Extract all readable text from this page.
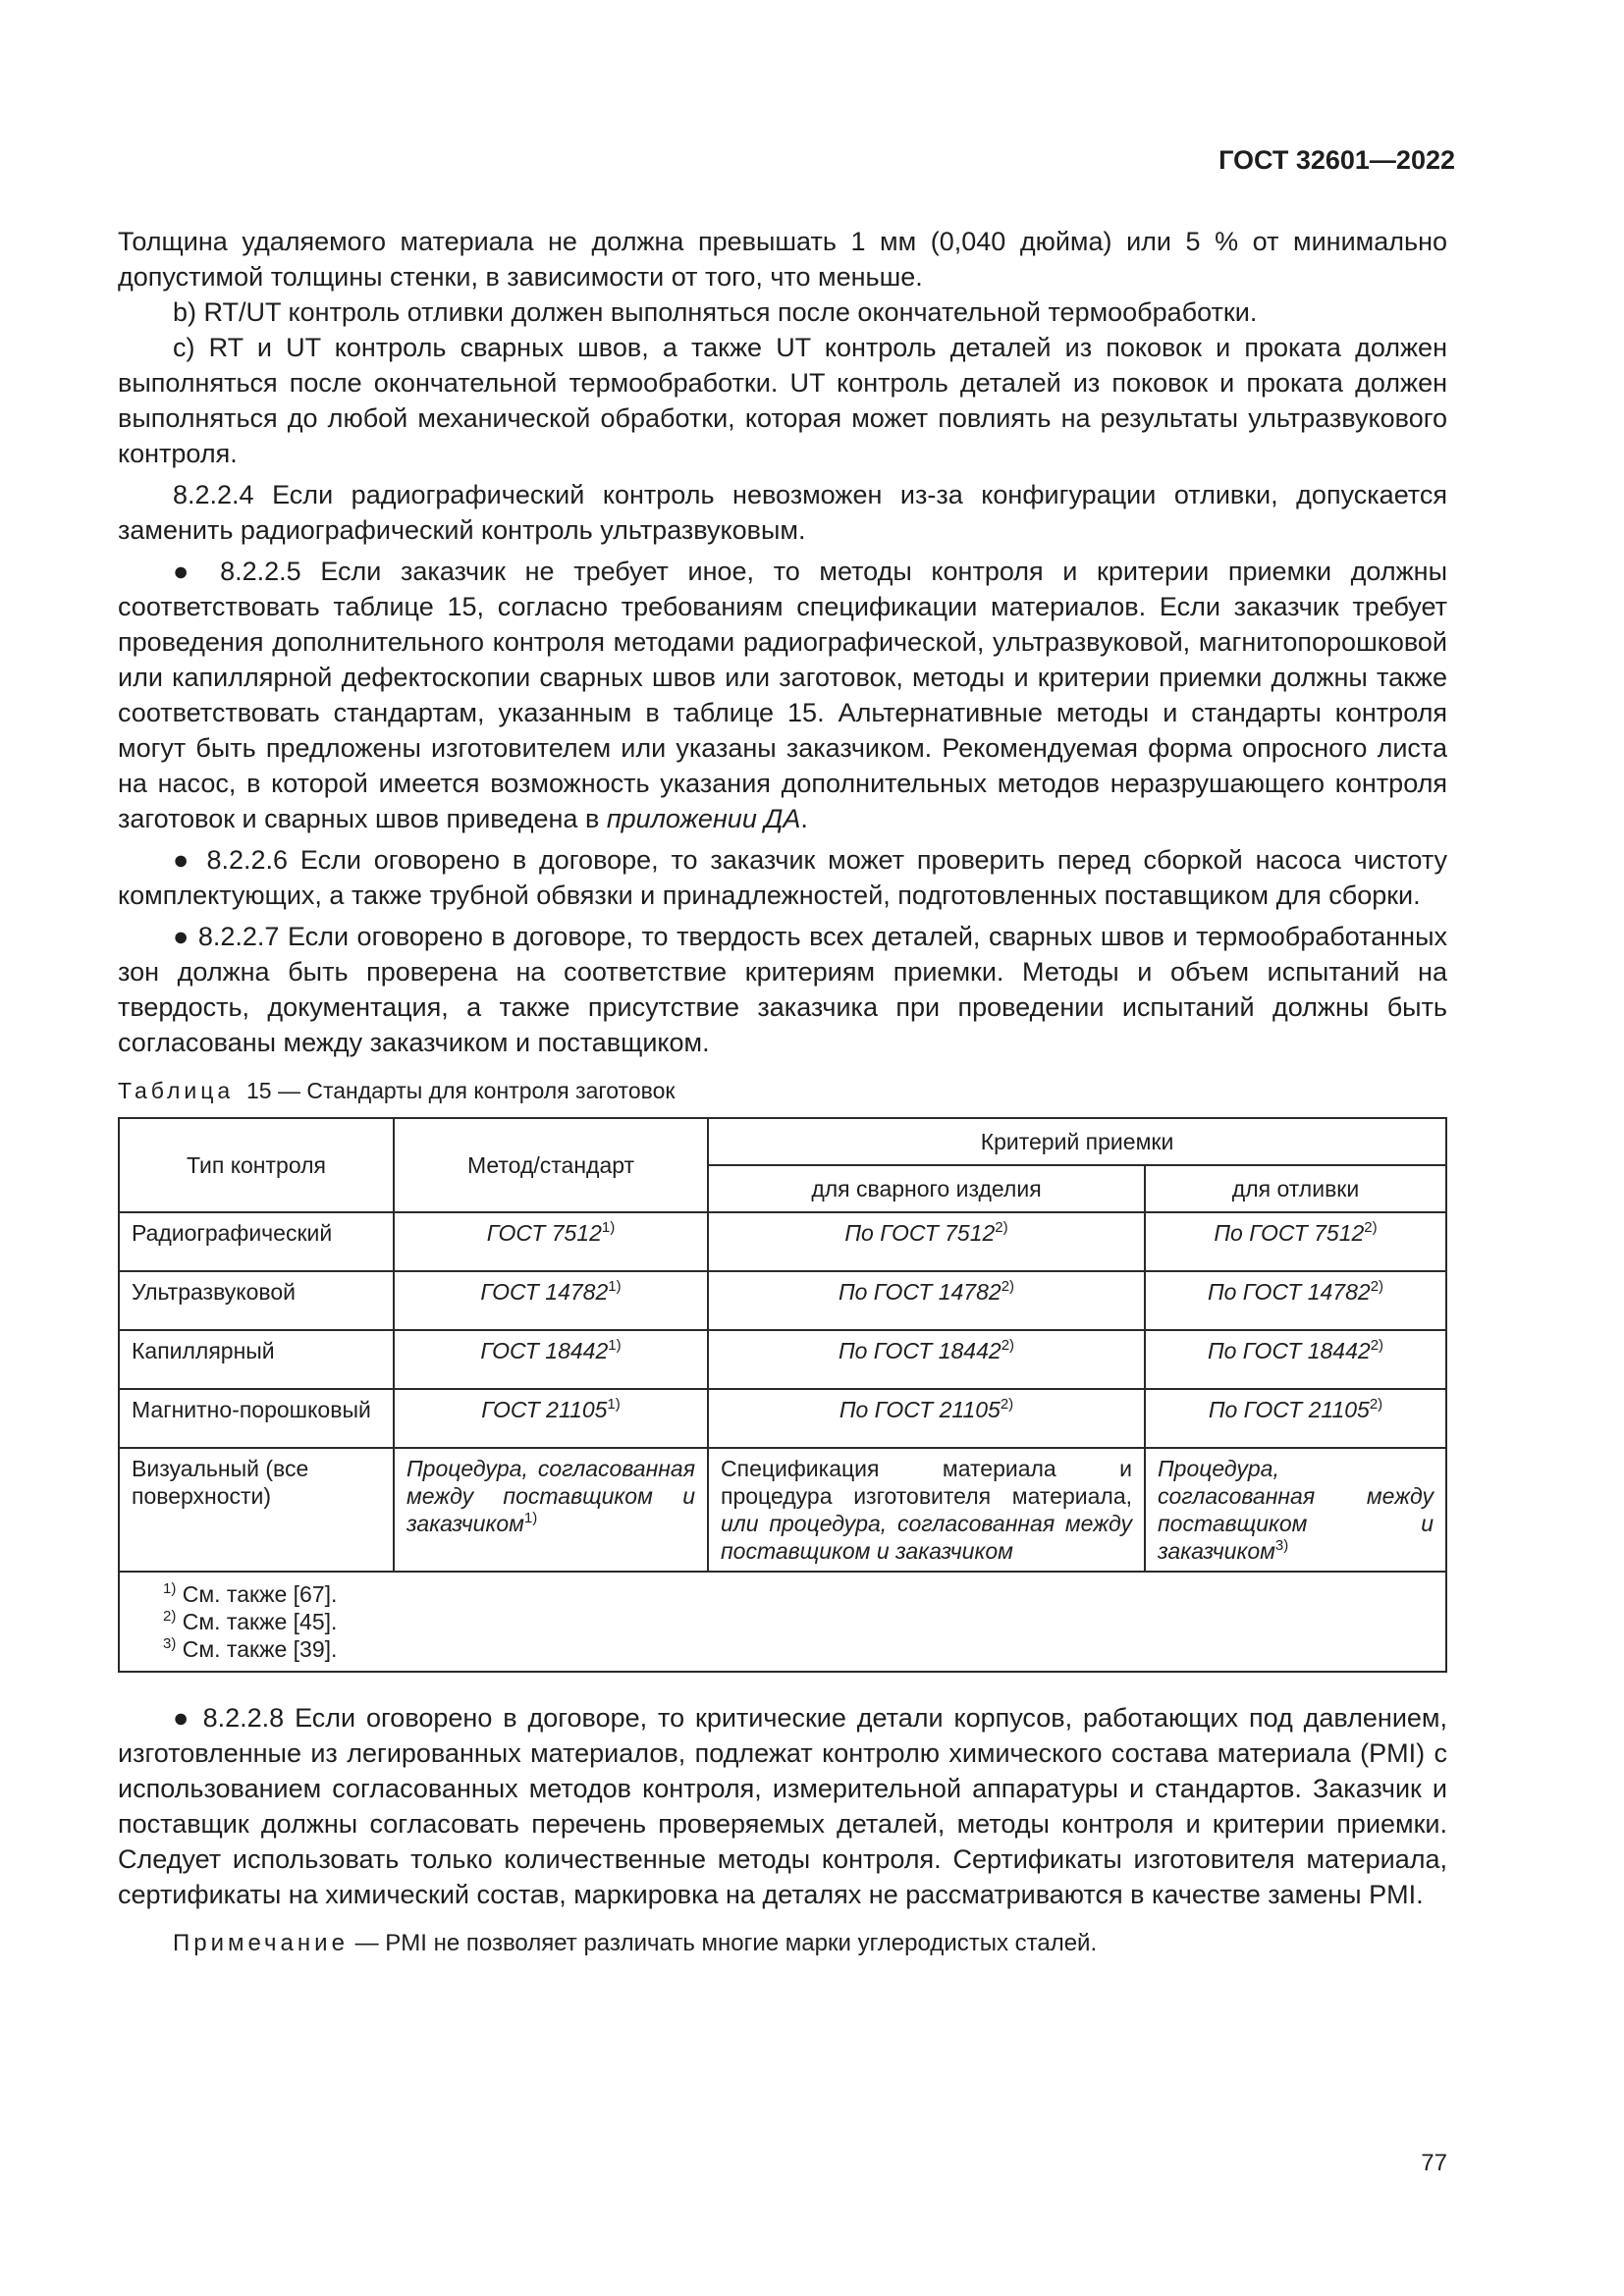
ГОСТ 32601—2022

Толщина удаляемого материала не должна превышать 1 мм (0,040 дюйма) или 5 % от минимально допустимой толщины стенки, в зависимости от того, что меньше.

b) RT/UT контроль отливки должен выполняться после окончательной термообработки.

c) RT и UT контроль сварных швов, а также UT контроль деталей из поковок и проката должен выполняться после окончательной термообработки. UT контроль деталей из поковок и проката должен выполняться до любой механической обработки, которая может повлиять на результаты ультразвукового контроля.

8.2.2.4 Если радиографический контроль невозможен из-за конфигурации отливки, допускается заменить радиографический контроль ультразвуковым.

● 8.2.2.5 Если заказчик не требует иное, то методы контроля и критерии приемки должны соответствовать таблице 15, согласно требованиям спецификации материалов. Если заказчик требует проведения дополнительного контроля методами радиографической, ультразвуковой, магнитопорошковой или капиллярной дефектоскопии сварных швов или заготовок, методы и критерии приемки должны также соответствовать стандартам, указанным в таблице 15. Альтернативные методы и стандарты контроля могут быть предложены изготовителем или указаны заказчиком. Рекомендуемая форма опросного листа на насос, в которой имеется возможность указания дополнительных методов неразрушающего контроля заготовок и сварных швов приведена в приложении ДА.

● 8.2.2.6 Если оговорено в договоре, то заказчик может проверить перед сборкой насоса чистоту комплектующих, а также трубной обвязки и принадлежностей, подготовленных поставщиком для сборки.

● 8.2.2.7 Если оговорено в договоре, то твердость всех деталей, сварных швов и термообработанных зон должна быть проверена на соответствие критериям приемки. Методы и объем испытаний на твердость, документация, а также присутствие заказчика при проведении испытаний должны быть согласованы между заказчиком и поставщиком.

Таблица 15 — Стандарты для контроля заготовок

Тип контроля	Метод/стандарт	Критерий приемки	
		для сварного изделия	для отливки
Радиографический	ГОСТ 7512$^{1)}$	По ГОСТ 7512$^{2)}$	По ГОСТ 7512$^{2)}$
Ультразвуковой	ГОСТ 14782$^{1)}$	По ГОСТ 14782$^{2)}$	По ГОСТ 14782$^{2)}$
Капиллярный	ГОСТ 18442$^{1)}$	По ГОСТ 18442$^{2)}$	По ГОСТ 18442$^{2)}$
Магнитно-порошковый	ГОСТ 21105$^{1)}$	По ГОСТ 21105$^{2)}$	По ГОСТ 21105$^{2)}$
Визуальный (все поверхности)	Процедура, согласованная между поставщиком и заказчиком$^{1)}$	Спецификация материала и процедура изготовителя материала, или процедура, согласованная между поставщиком и заказчиком	Процедура, согласованная между поставщиком и заказчиком$^{3)}$

$^{1)}$ См. также [67].
$^{2)}$ См. также [45].
$^{3)}$ См. также [39].			

● 8.2.2.8 Если оговорено в договоре, то критические детали корпусов, работающих под давлением, изготовленные из легированных материалов, подлежат контролю химического состава материала (PMI) с использованием согласованных методов контроля, измерительной аппаратуры и стандартов. Заказчик и поставщик должны согласовать перечень проверяемых деталей, методы контроля и критерии приемки. Следует использовать только количественные методы контроля. Сертификаты изготовителя материала, сертификаты на химический состав, маркировка на деталях не рассматриваются в качестве замены PMI.

Примечание — PMI не позволяет различать многие марки углеродистых сталей.

77
